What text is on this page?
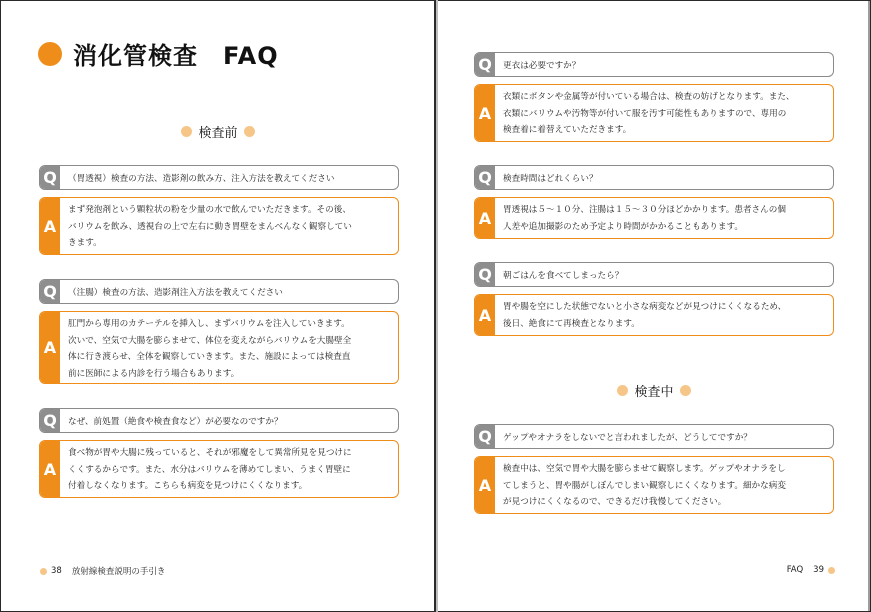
消化管検査　FAQ
検査前
Q	（胃透視）検査の方法、造影剤の飲み方、注入方法を教えてください
A
まず発泡剤という顆粒状の粉を少量の水で飲んでいただきます。その後、
バリウムを飲み、透視台の上で左右に動き胃壁をまんべんなく観察してい
きます。
Q	（注腸）検査の方法、造影剤注入方法を教えてください
A
肛門から専用のカテーテルを挿入し、まずバリウムを注入していきます。
次いで、空気で大腸を膨らませて、体位を変えながらバリウムを大腸壁全
体に行き渡らせ、全体を観察していきます。また、施設によっては検査直
前に医師による内診を行う場合もあります。
Q	なぜ、前処置（絶食や検査食など）が必要なのですか？
A
食べ物が胃や大腸に残っていると、それが邪魔をして異常所見を見つけに
くくするからです。また、水分はバリウムを薄めてしまい、うまく胃壁に
付着しなくなります。こちらも病変を見つけにくくなります。
38 放射線検査説明の手引き
Q	更衣は必要ですか？
A
衣類にボタンや金属等が付いている場合は、検査の妨げとなります。また、
衣類にバリウムや汚物等が付いて服を汚す可能性もありますので、専用の
検査着に着替えていただきます。
Q	検査時間はどれくらい？
A	胃透視は５～１０分、注腸は１５～３０分ほどかかります。患者さんの個
人差や追加撮影のため予定より時間がかかることもあります。
Q	朝ごはんを食べてしまったら？
A	胃や腸を空にした状態でないと小さな病変などが見つけにくくなるため、
後日、絶食にて再検査となります。
検査中
Q	ゲップやオナラをしないでと言われましたが、どうしてですか？
A
検査中は、空気で胃や大腸を膨らませて観察します。ゲップやオナラをし
てしまうと、胃や腸がしぼんでしまい観察しにくくなります。細かな病変
が見つけにくくなるので、できるだけ我慢してください。
FAQ 39
